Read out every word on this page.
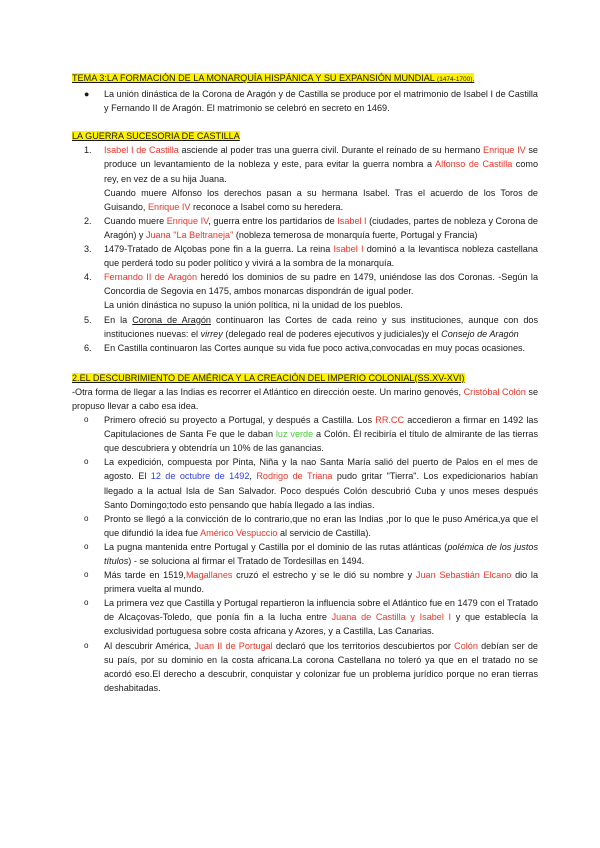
TEMA 3:LA FORMACIÓN DE LA MONARQUÍA HISPÁNICA Y SU EXPANSIÓN MUNDIAL (1474-1700).

●	La unión dinástica de la Corona de Aragón y de Castilla se produce por el matrimonio de Isabel I de Castilla y Fernando II de Aragón. El matrimonio se celebró en secreto en 1469.

LA GUERRA SUCESORIA DE CASTILLA

1.	Isabel I de Castilla asciende al poder tras una guerra civil. Durante el reinado de su hermano Enrique IV se produce un levantamiento de la nobleza y este, para evitar la guerra nombra a Alfonso de Castilla como rey, en vez de a su hija Juana.
Cuando muere Alfonso los derechos pasan a su hermana Isabel. Tras el acuerdo de los Toros de Guisando, Enrique IV reconoce a Isabel como su heredera.
2.	Cuando muere Enrique IV, guerra entre los partidarios de Isabel I (ciudades, partes de nobleza y Corona de Aragón) y Juana "La Beltraneja" (nobleza temerosa de monarquía fuerte, Portugal y Francia)
3.	1479-Tratado de Alçobas pone fin a la guerra. La reina Isabel I dominó a la levantisca nobleza castellana que perderá todo su poder político y vivirá a la sombra de la monarquía.
4.	Fernando II de Aragón heredó los dominios de su padre en 1479, uniéndose las dos Coronas. -Según la Concordia de Segovia en 1475, ambos monarcas dispondrán de igual poder.
La unión dinástica no supuso la unión política, ni la unidad de los pueblos.
5.	En la Corona de Aragón continuaron las Cortes de cada reino y sus instituciones, aunque con dos instituciones nuevas: el virrey (delegado real de poderes ejecutivos y judiciales)y el Consejo de Aragón
6.	En Castilla continuaron las Cortes aunque su vida fue poco activa,convocadas en muy pocas ocasiones.

2.EL DESCUBRIMIENTO DE AMÉRICA Y LA CREACIÓN DEL IMPERIO COLONIAL(SS.XV-XVI)

-Otra forma de llegar a las Indias es recorrer el Atlántico en dirección oeste. Un marino genovés, Cristóbal Colón se propuso llevar a cabo esa idea.

o	Primero ofreció su proyecto a Portugal, y después a Castilla. Los RR.CC accedieron a firmar en 1492 las Capitulaciones de Santa Fe que le daban luz verde a Colón. Él recibiría el título de almirante de las tierras que descubriera y obtendría un 10% de las ganancias.
o	La expedición, compuesta por Pinta, Niña y la nao Santa María salió del puerto de Palos en el mes de agosto. El 12 de octubre de 1492, Rodrigo de Triana pudo gritar "Tierra". Los expedicionarios habían llegado a la actual Isla de San Salvador. Poco después Colón descubrió Cuba y unos meses después Santo Domingo;todo esto pensando que había llegado a las indias.
o	Pronto se llegó a la convicción de lo contrario,que no eran las Indias ,por lo que le puso América,ya que el que difundió la idea fue Américo Vespuccio al servicio de Castilla).
o	La pugna mantenida entre Portugal y Castilla por el dominio de las rutas atlánticas (polémica de los justos títulos) - se soluciona al firmar el Tratado de Tordesillas en 1494.
o	Más tarde en 1519,Magallanes cruzó el estrecho y se le dió su nombre y Juan Sebastián Elcano dio la primera vuelta al mundo.
o	La primera vez que Castilla y Portugal repartieron la influencia sobre el Atlántico fue en 1479 con el Tratado de Alcaçovas-Toledo, que ponía fin a la lucha entre Juana de Castilla y Isabel I y que establecía la exclusividad portuguesa sobre costa africana y Azores, y a Castilla, Las Canarias.
o	Al descubrir América, Juan II de Portugal declaró que los territorios descubiertos por Colón debían ser de su país, por su dominio en la costa africana.La corona Castellana no toleró ya que en el tratado no se acordó eso.El derecho a descubrir, conquistar y colonizar fue un problema jurídico porque no eran tierras deshabitadas.
